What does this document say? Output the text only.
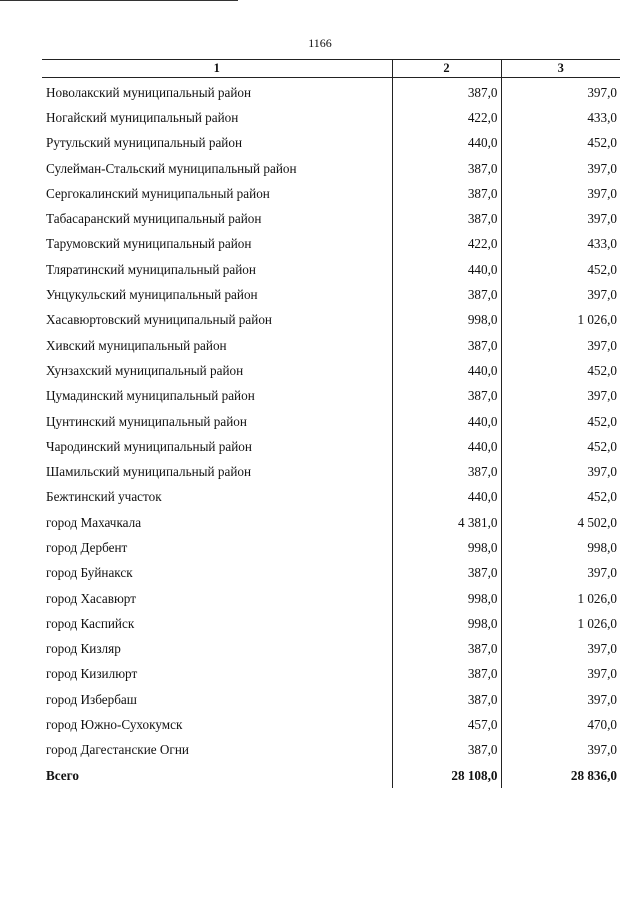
1166
1	2	3
Новолакский муниципальный район	387,0	397,0
Ногайский муниципальный район	422,0	433,0
Рутульский муниципальный район	440,0	452,0
Сулейман-Стальский муниципальный район	387,0	397,0
Сергокалинский муниципальный район	387,0	397,0
Табасаранский муниципальный район	387,0	397,0
Тарумовский муниципальный район	422,0	433,0
Тляратинский муниципальный район	440,0	452,0
Унцукульский муниципальный район	387,0	397,0
Хасавюртовский муниципальный район	998,0	1 026,0
Хивский муниципальный район	387,0	397,0
Хунзахский муниципальный район	440,0	452,0
Цумадинский муниципальный район	387,0	397,0
Цунтинский муниципальный район	440,0	452,0
Чародинский муниципальный район	440,0	452,0
Шамильский муниципальный район	387,0	397,0
Бежтинский участок	440,0	452,0
город Махачкала	4 381,0	4 502,0
город Дербент	998,0	998,0
город Буйнакск	387,0	397,0
город Хасавюрт	998,0	1 026,0
город Каспийск	998,0	1 026,0
город Кизляр	387,0	397,0
город Кизилюрт	387,0	397,0
город Избербаш	387,0	397,0
город Южно-Сухокумск	457,0	470,0
город Дагестанские Огни	387,0	397,0
Всего	28 108,0	28 836,0
